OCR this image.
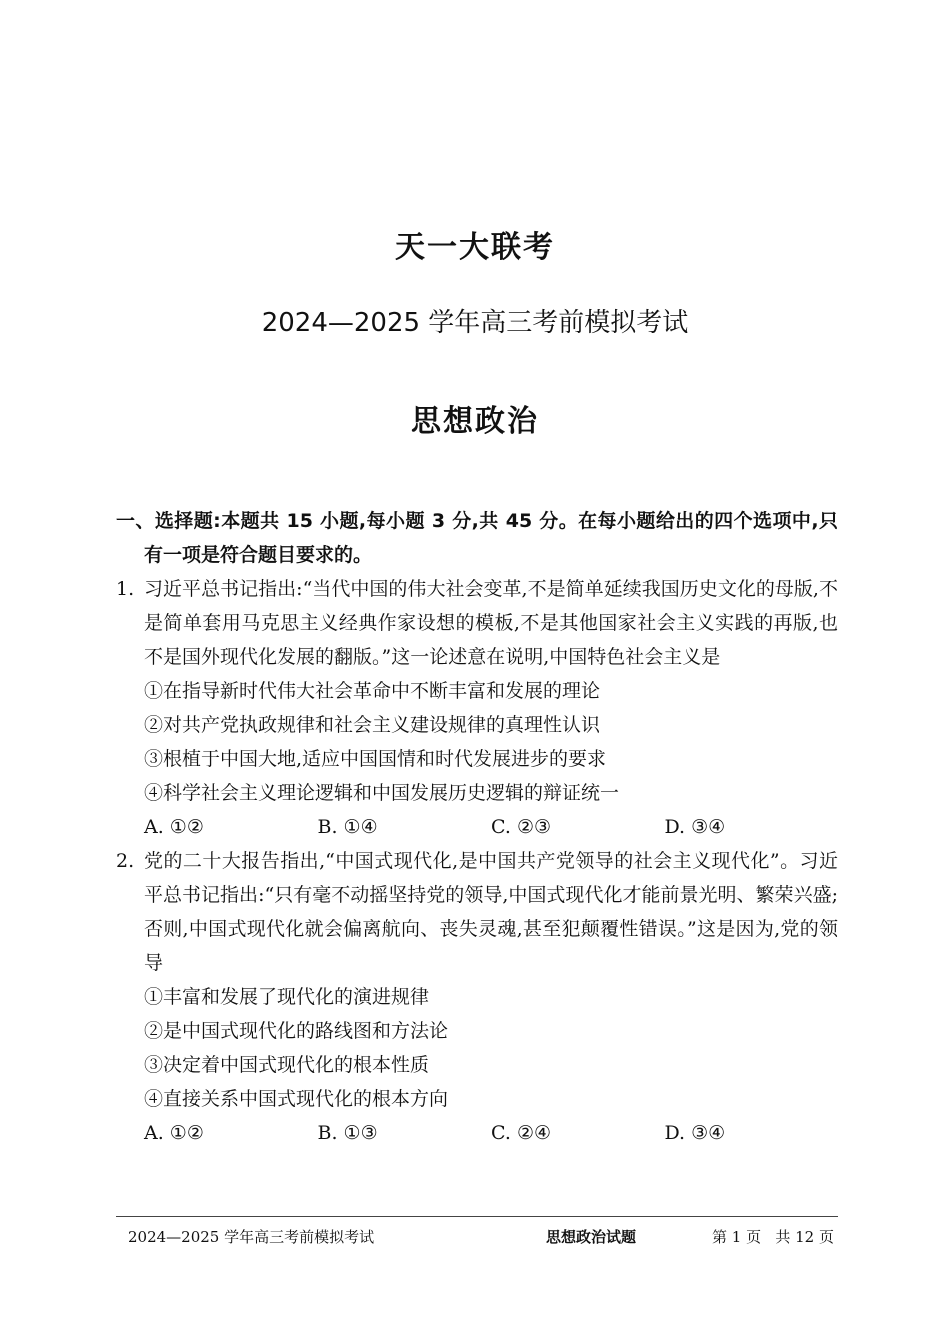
天一大联考
2024—2025 学年高三考前模拟考试
思想政治
一、选择题:本题共 15 小题,每小题 3 分,共 45 分。在每小题给出的四个选项中,只有一项是符合题目要求的。
1. 习近平总书记指出:“当代中国的伟大社会变革,不是简单延续我国历史文化的母版,不是简单套用马克思主义经典作家设想的模板,不是其他国家社会主义实践的再版,也不是国外现代化发展的翻版。”这一论述意在说明,中国特色社会主义是
①在指导新时代伟大社会革命中不断丰富和发展的理论
②对共产党执政规律和社会主义建设规律的真理性认识
③根植于中国大地,适应中国国情和时代发展进步的要求
④科学社会主义理论逻辑和中国发展历史逻辑的辩证统一
A. ①②	B. ①④	C. ②③	D. ③④
2. 党的二十大报告指出,“中国式现代化,是中国共产党领导的社会主义现代化”。习近平总书记指出:“只有毫不动摇坚持党的领导,中国式现代化才能前景光明、繁荣兴盛;否则,中国式现代化就会偏离航向、丧失灵魂,甚至犯颠覆性错误。”这是因为,党的领导
①丰富和发展了现代化的演进规律
②是中国式现代化的路线图和方法论
③决定着中国式现代化的根本性质
④直接关系中国式现代化的根本方向
A. ①②	B. ①③	C. ②④	D. ③④
2024—2025 学年高三考前模拟考试	思想政治试题	第 1 页   共 12 页
